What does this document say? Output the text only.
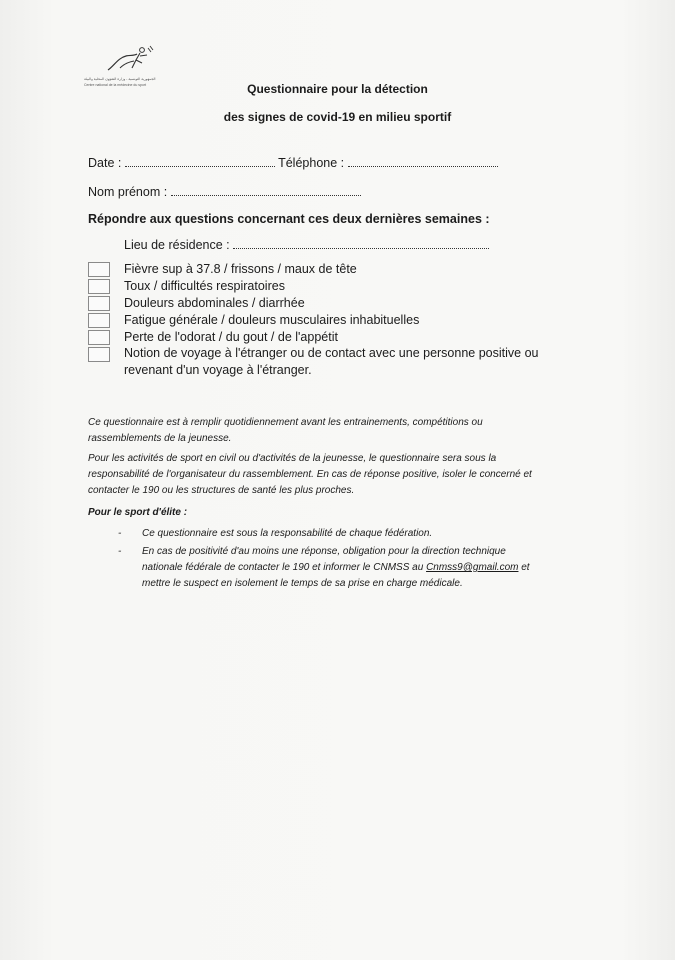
الجمهورية التونسية - وزارة الشؤون المحلية والبيئة
Centre national de la médecine du sport	Questionnaire pour la détection
des signes de covid-19 en milieu sportif
Date :	Téléphone :
Nom prénom :
Répondre aux questions concernant ces deux dernières semaines :
Lieu de résidence :
Fièvre sup à 37.8 / frissons / maux de tête
Toux / difficultés respiratoires
Douleurs abdominales / diarrhée
Fatigue générale / douleurs musculaires inhabituelles
Perte de l'odorat / du gout / de l'appétit
Notion de voyage à l'étranger ou de contact avec une personne positive ou revenant d'un voyage à l'étranger.
Ce questionnaire est à remplir quotidiennement avant les entrainements, compétitions ou rassemblements de la jeunesse.
Pour les activités de sport en civil ou d'activités de la jeunesse, le questionnaire sera sous la responsabilité de l'organisateur du rassemblement. En cas de réponse positive, isoler le concerné et contacter le 190 ou les structures de santé les plus proches.
Pour le sport d'élite :
- Ce questionnaire est sous la responsabilité de chaque fédération.
- En cas de positivité d'au moins une réponse, obligation pour la direction technique nationale fédérale de contacter le 190 et informer le CNMSS au Cnmss9@gmail.com et mettre le suspect en isolement le temps de sa prise en charge médicale.
